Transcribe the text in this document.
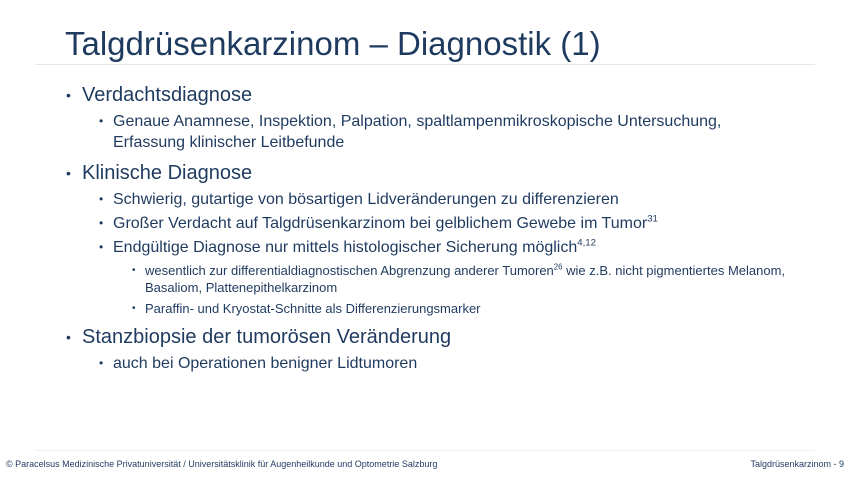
Talgdrüsenkarzinom – Diagnostik (1)
• Verdachtsdiagnose
• Genaue Anamnese, Inspektion, Palpation, spaltlampenmikroskopische Untersuchung, Erfassung klinischer Leitbefunde
• Klinische Diagnose
• Schwierig, gutartige von bösartigen Lidveränderungen zu differenzieren
• Großer Verdacht auf Talgdrüsenkarzinom bei gelblichem Gewebe im Tumor$^{31}$
• Endgültige Diagnose nur mittels histologischer Sicherung möglich$^{4,12}$
• wesentlich zur differentialdiagnostischen Abgrenzung anderer Tumoren$^{26}$ wie z.B. nicht pigmentiertes Melanom, Basaliom, Plattenepithelkarzinom
• Paraffin- und Kryostat-Schnitte als Differenzierungsmarker
• Stanzbiopsie der tumorösen Veränderung
• auch bei Operationen benigner Lidtumoren
© Paracelsus Medizinische Privatuniversität / Universitätsklinik für Augenheilkunde und Optometrie Salzburg	Talgdrüsenkarzinom - 9
